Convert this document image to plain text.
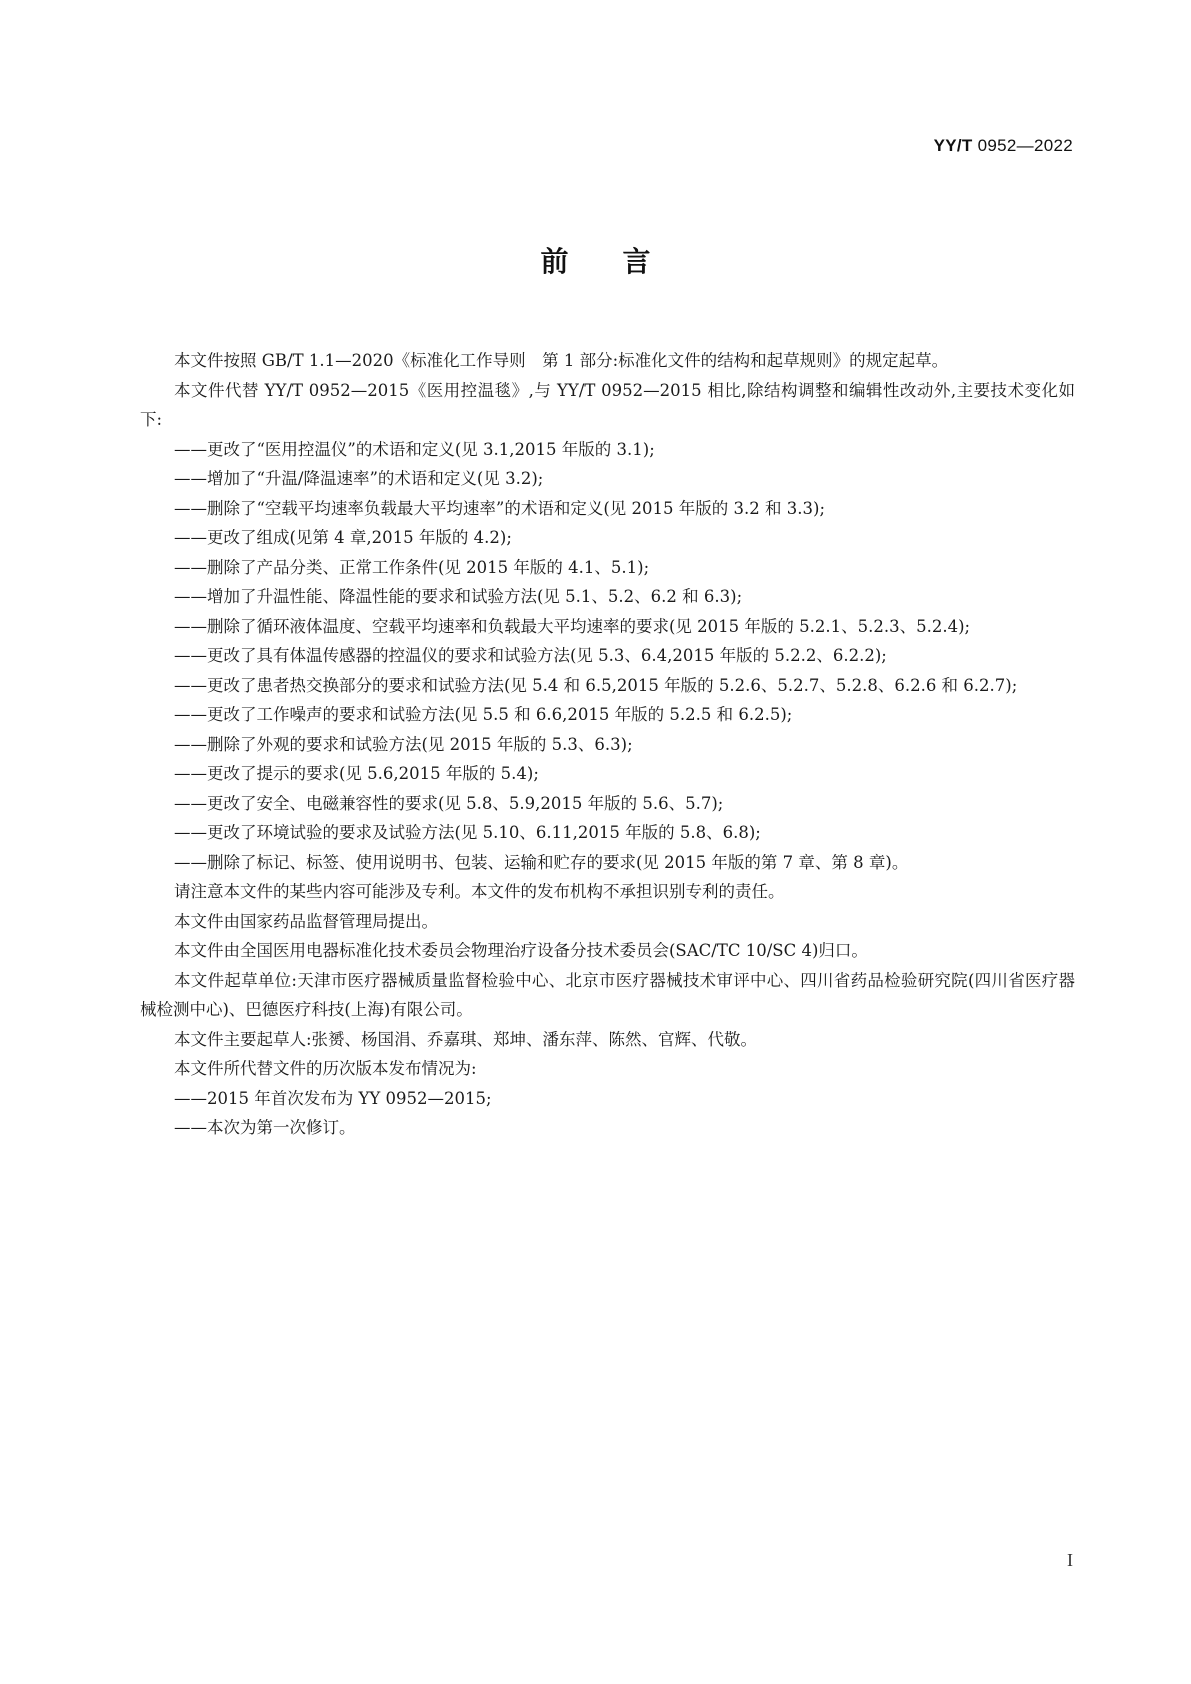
YY/T 0952—2022
前言

本文件按照 GB/T 1.1—2020《标准化工作导则　第 1 部分:标准化文件的结构和起草规则》的规定起草。

本文件代替 YY/T 0952—2015《医用控温毯》,与 YY/T 0952—2015 相比,除结构调整和编辑性改动外,主要技术变化如下:

——更改了“医用控温仪”的术语和定义(见 3.1,2015 年版的 3.1);

——增加了“升温/降温速率”的术语和定义(见 3.2);

——删除了“空载平均速率负载最大平均速率”的术语和定义(见 2015 年版的 3.2 和 3.3);

——更改了组成(见第 4 章,2015 年版的 4.2);

——删除了产品分类、正常工作条件(见 2015 年版的 4.1、5.1);

——增加了升温性能、降温性能的要求和试验方法(见 5.1、5.2、6.2 和 6.3);

——删除了循环液体温度、空载平均速率和负载最大平均速率的要求(见 2015 年版的 5.2.1、5.2.3、5.2.4);

——更改了具有体温传感器的控温仪的要求和试验方法(见 5.3、6.4,2015 年版的 5.2.2、6.2.2);

——更改了患者热交换部分的要求和试验方法(见 5.4 和 6.5,2015 年版的 5.2.6、5.2.7、5.2.8、6.2.6 和 6.2.7);

——更改了工作噪声的要求和试验方法(见 5.5 和 6.6,2015 年版的 5.2.5 和 6.2.5);

——删除了外观的要求和试验方法(见 2015 年版的 5.3、6.3);

——更改了提示的要求(见 5.6,2015 年版的 5.4);

——更改了安全、电磁兼容性的要求(见 5.8、5.9,2015 年版的 5.6、5.7);

——更改了环境试验的要求及试验方法(见 5.10、6.11,2015 年版的 5.8、6.8);

——删除了标记、标签、使用说明书、包装、运输和贮存的要求(见 2015 年版的第 7 章、第 8 章)。

请注意本文件的某些内容可能涉及专利。本文件的发布机构不承担识别专利的责任。

本文件由国家药品监督管理局提出。

本文件由全国医用电器标准化技术委员会物理治疗设备分技术委员会(SAC/TC 10/SC 4)归口。

本文件起草单位:天津市医疗器械质量监督检验中心、北京市医疗器械技术审评中心、四川省药品检验研究院(四川省医疗器械检测中心)、巴德医疗科技(上海)有限公司。

本文件主要起草人:张赟、杨国涓、乔嘉琪、郑坤、潘东萍、陈然、官辉、代敬。

本文件所代替文件的历次版本发布情况为:

——2015 年首次发布为 YY 0952—2015;

——本次为第一次修订。

I
